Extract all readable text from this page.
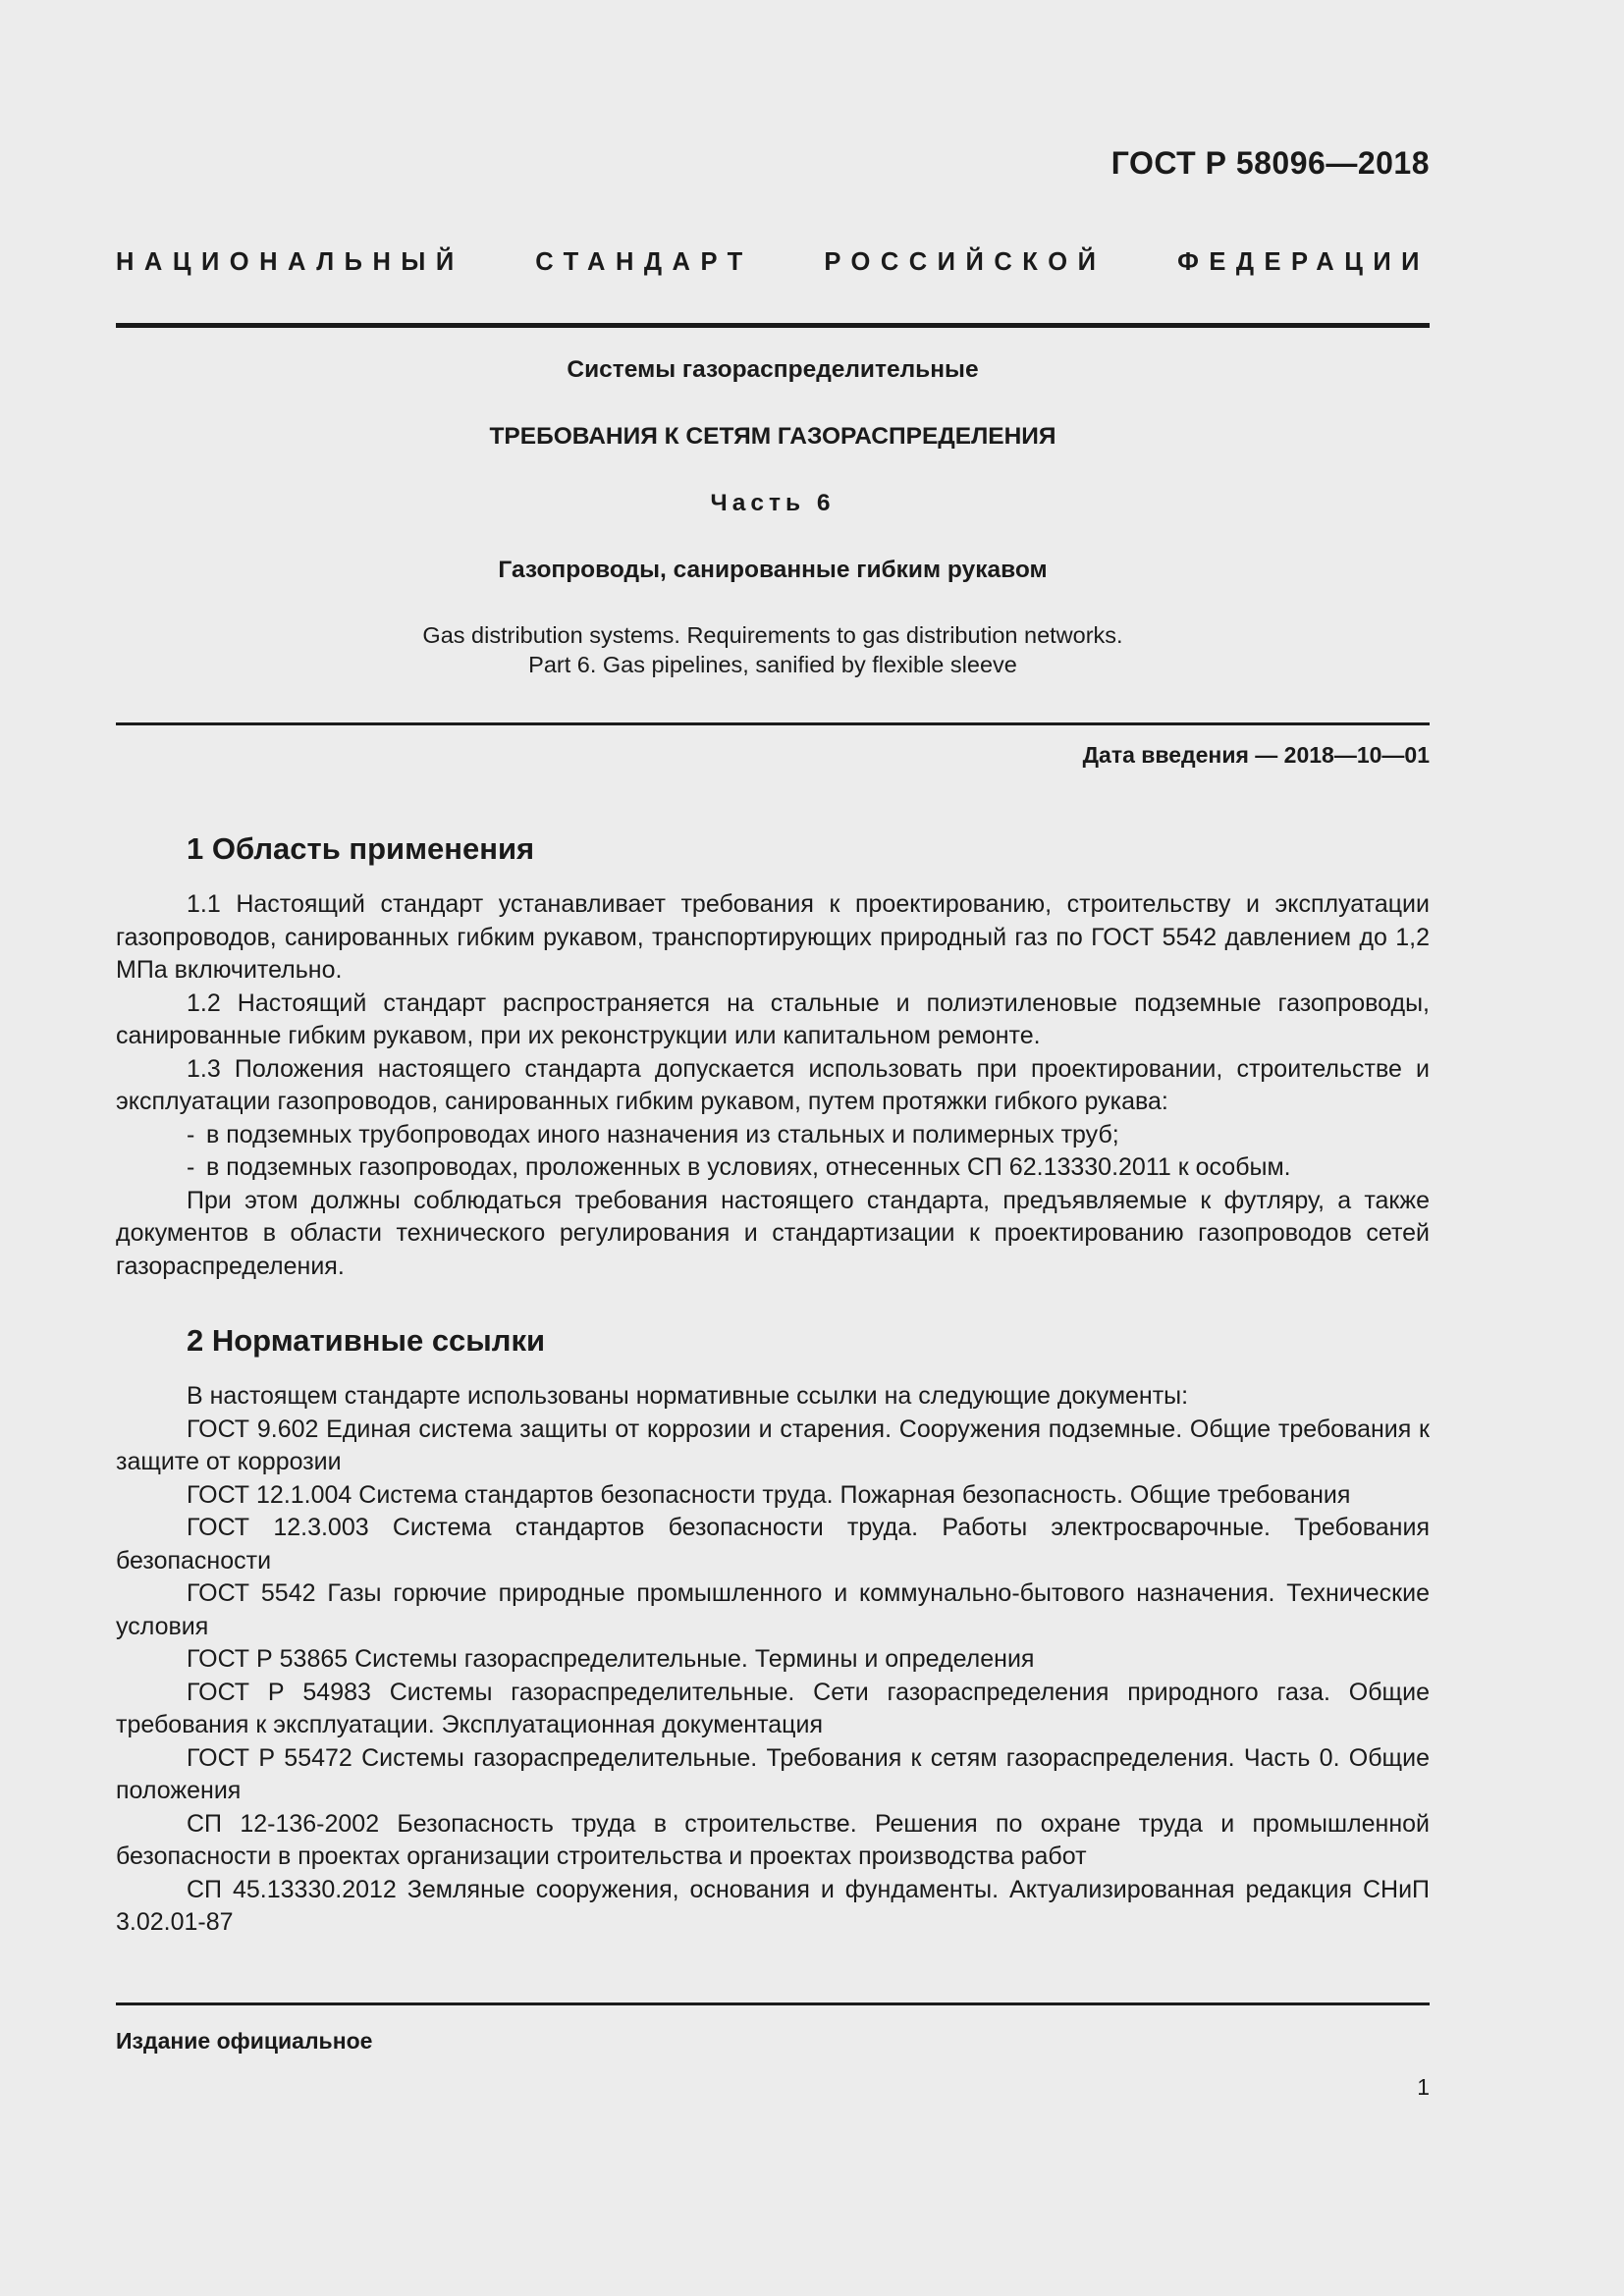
ГОСТ Р 58096—2018
НАЦИОНАЛЬНЫЙ СТАНДАРТ РОССИЙСКОЙ ФЕДЕРАЦИИ
Системы газораспределительные
ТРЕБОВАНИЯ К СЕТЯМ ГАЗОРАСПРЕДЕЛЕНИЯ
Часть 6
Газопроводы, санированные гибким рукавом
Gas distribution systems. Requirements to gas distribution networks.
Part 6. Gas pipelines, sanified by flexible sleeve
Дата введения — 2018—10—01
1 Область применения

1.1 Настоящий стандарт устанавливает требования к проектированию, строительству и эксплуатации газопроводов, санированных гибким рукавом, транспортирующих природный газ по ГОСТ 5542 давлением до 1,2 МПа включительно.

1.2 Настоящий стандарт распространяется на стальные и полиэтиленовые подземные газопроводы, санированные гибким рукавом, при их реконструкции или капитальном ремонте.

1.3 Положения настоящего стандарта допускается использовать при проектировании, строительстве и эксплуатации газопроводов, санированных гибким рукавом, путем протяжки гибкого рукава:

- в подземных трубопроводах иного назначения из стальных и полимерных труб;

- в подземных газопроводах, проложенных в условиях, отнесенных СП 62.13330.2011 к особым.

При этом должны соблюдаться требования настоящего стандарта, предъявляемые к футляру, а также документов в области технического регулирования и стандартизации к проектированию газопроводов сетей газораспределения.

2 Нормативные ссылки

В настоящем стандарте использованы нормативные ссылки на следующие документы:

ГОСТ 9.602 Единая система защиты от коррозии и старения. Сооружения подземные. Общие требования к защите от коррозии

ГОСТ 12.1.004 Система стандартов безопасности труда. Пожарная безопасность. Общие требования

ГОСТ 12.3.003 Система стандартов безопасности труда. Работы электросварочные. Требования безопасности

ГОСТ 5542 Газы горючие природные промышленного и коммунально-бытового назначения. Технические условия

ГОСТ Р 53865 Системы газораспределительные. Термины и определения

ГОСТ Р 54983 Системы газораспределительные. Сети газораспределения природного газа. Общие требования к эксплуатации. Эксплуатационная документация

ГОСТ Р 55472 Системы газораспределительные. Требования к сетям газораспределения. Часть 0. Общие положения

СП 12-136-2002 Безопасность труда в строительстве. Решения по охране труда и промышленной безопасности в проектах организации строительства и проектах производства работ

СП 45.13330.2012 Земляные сооружения, основания и фундаменты. Актуализированная редакция СНиП 3.02.01-87

Издание официальное
1
